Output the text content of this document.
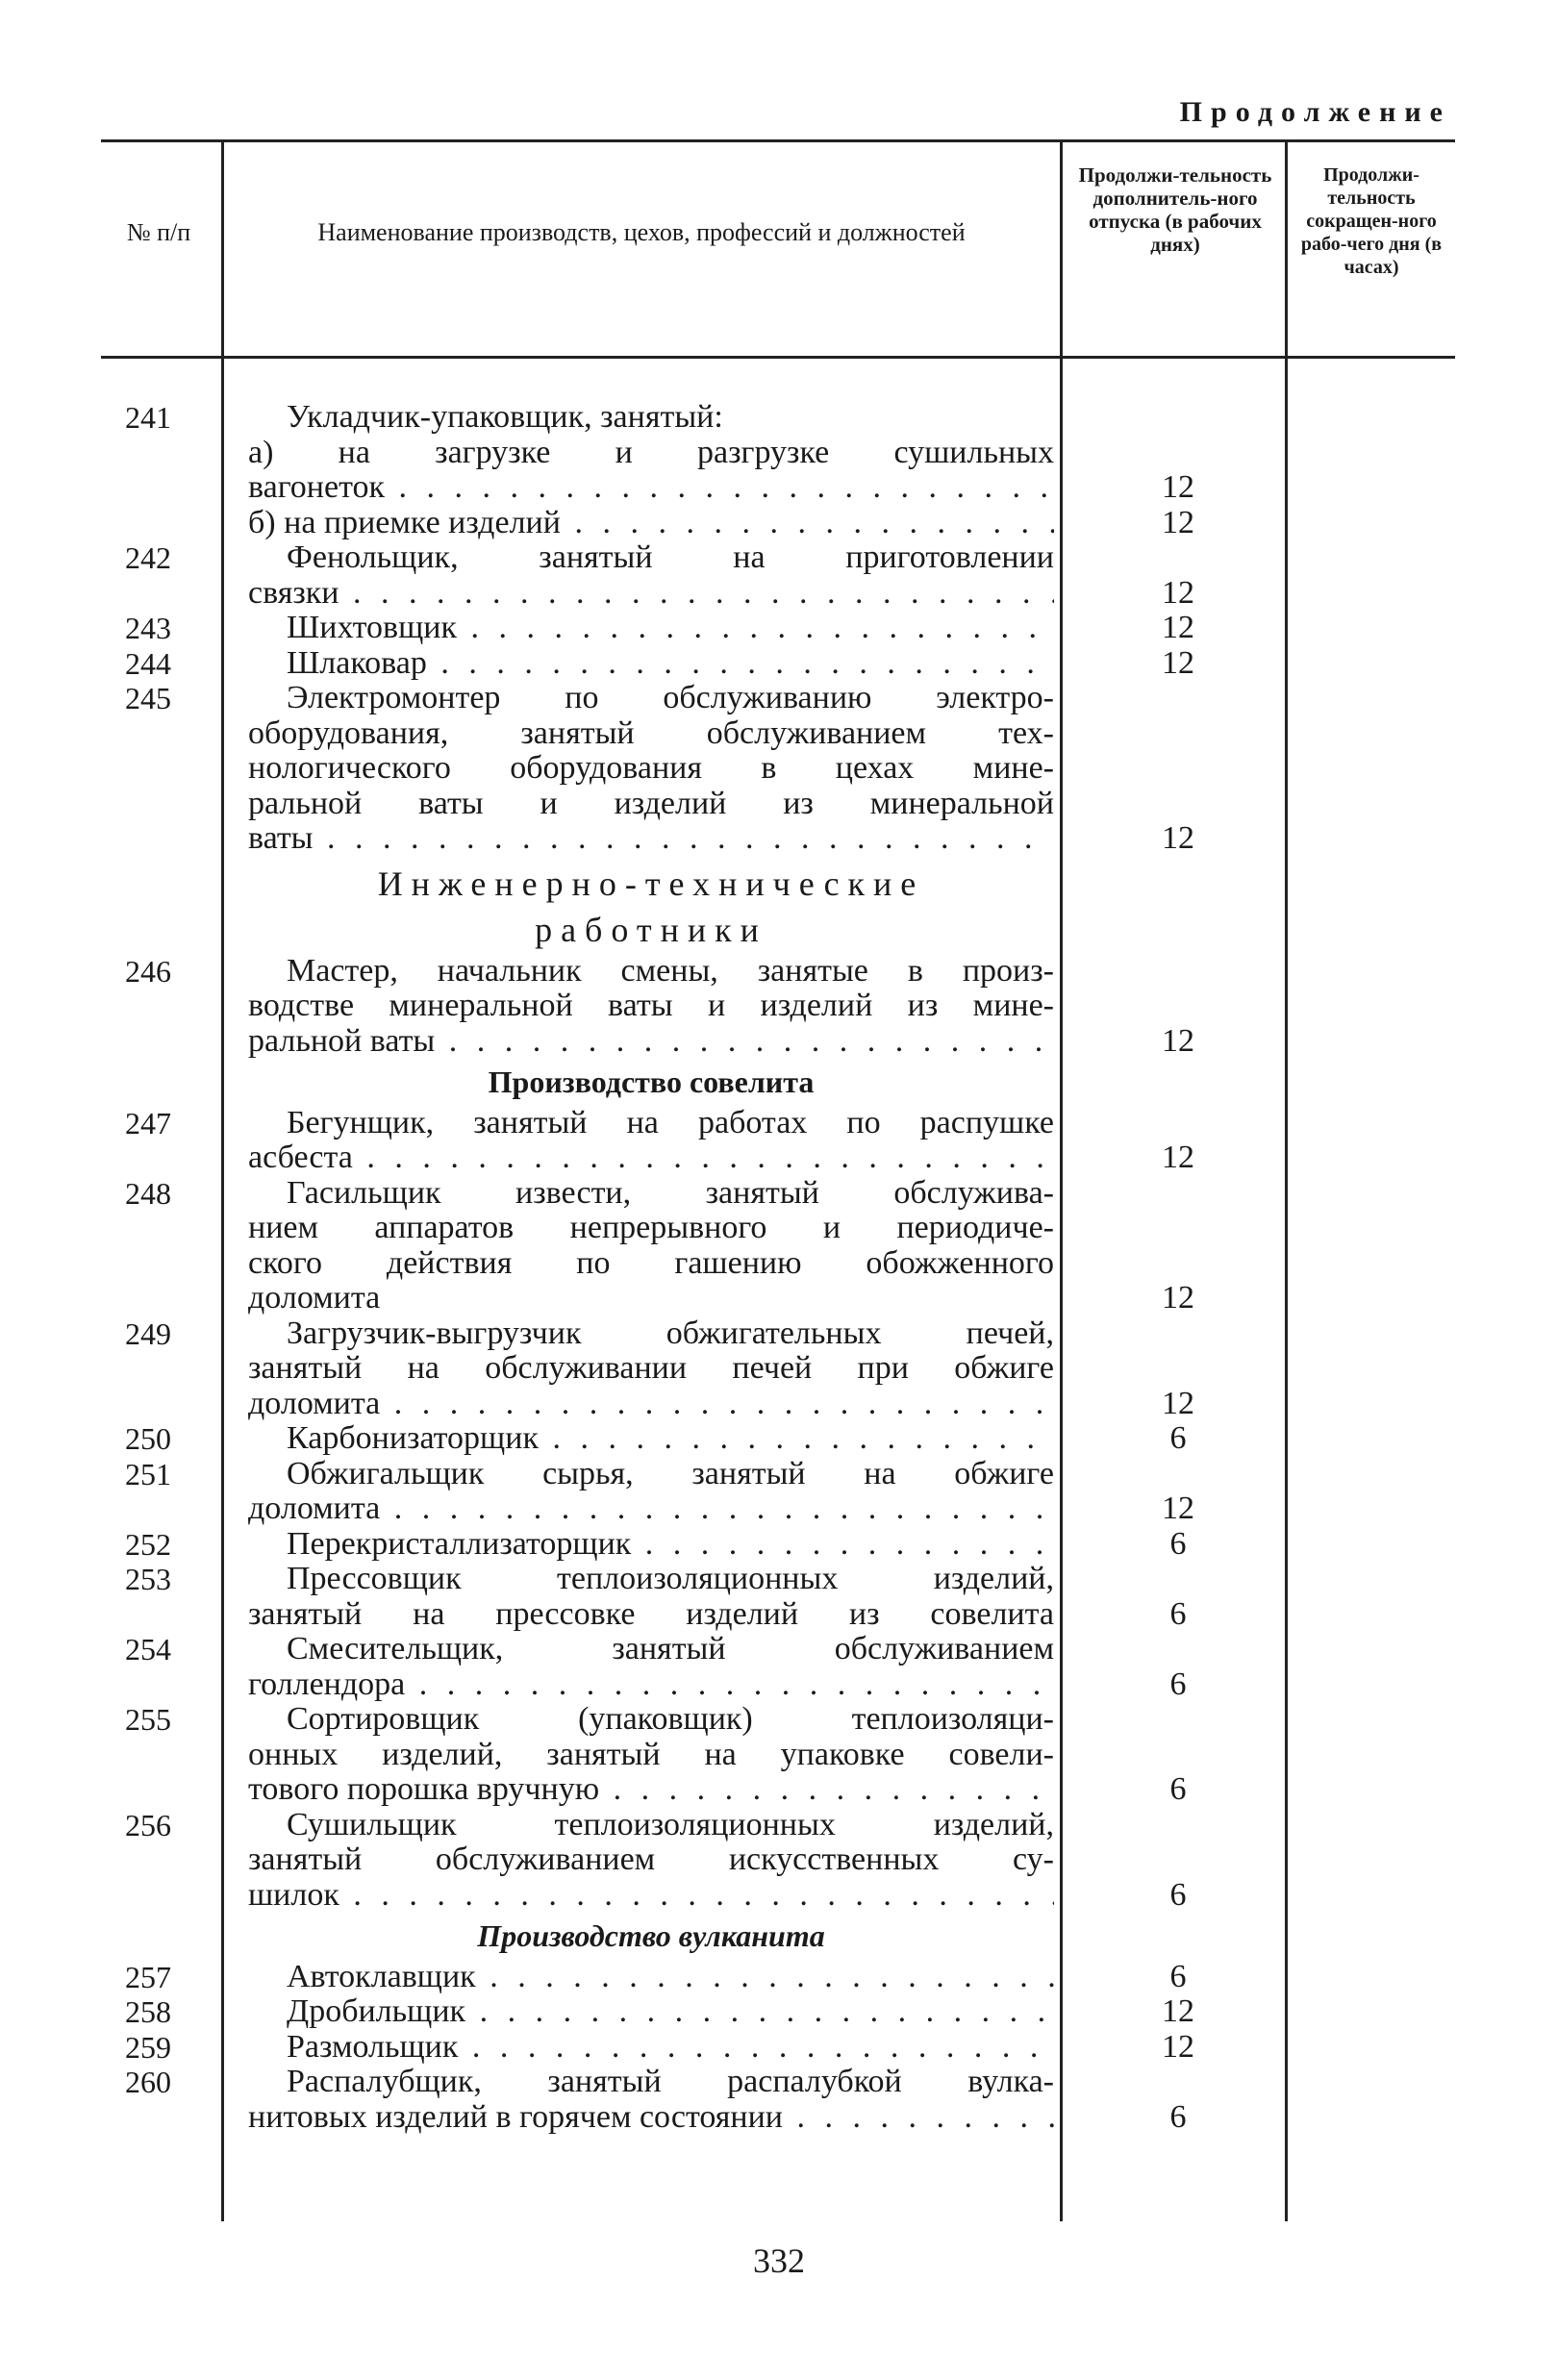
Продолжение
№ п/п	Наименование производств, цехов, профессий и должностей
Продолжи-тельность дополнитель-ного отпуска (в рабочих днях)
Продолжи-тельность сокращен-ного рабо-чего дня (в часах)
241	Укладчик-упаковщик, занятый:
а) на загрузке и разгрузке сушильных
вагонеток . . .	12
б) на приемке изделий . . .	12
242	Фенольщик, занятый на приготовлении
связки . . .	12
243	Шихтовщик . . .	12
244	Шлаковар . . .	12
245	Электромонтер по обслуживанию электро-
оборудования, занятый обслуживанием тех-
нологического оборудования в цехах мине-
ральной ваты и изделий из минеральной
ваты . . .	12
Инженерно-технические
работники
246	Мастер, начальник смены, занятые в произ-
водстве минеральной ваты и изделий из мине-
ральной ваты . . .	12
Производство совелита
247	Бегунщик, занятый на работах по распушке
асбеста . . .	12
248	Гасильщик извести, занятый обслужива-
нием аппаратов непрерывного и периодиче-
ского действия по гашению обожженного
доломита	12
249	Загрузчик-выгрузчик обжигательных печей,
занятый на обслуживании печей при обжиге
доломита . . .	12
250	Карбонизаторщик . . .	6
251	Обжигальщик сырья, занятый на обжиге
доломита . . .	12
252	Перекристаллизаторщик . . .	6
253	Прессовщик теплоизоляционных изделий,
занятый на прессовке изделий из совелита	6
254	Смесительщик, занятый обслуживанием
голлендора . . .	6
255	Сортировщик (упаковщик) теплоизоляци-
онных изделий, занятый на упаковке совели-
тового порошка вручную . . .	6
256	Сушильщик теплоизоляционных изделий,
занятый обслуживанием искусственных су-
шилок . . .	6
Производство вулканита
257	Автоклавщик . . .	6
258	Дробильщик . . .	12
259	Размольщик . . .	12
260	Распалубщик, занятый распалубкой вулка-
нитовых изделий в горячем состоянии . . .	6
332
